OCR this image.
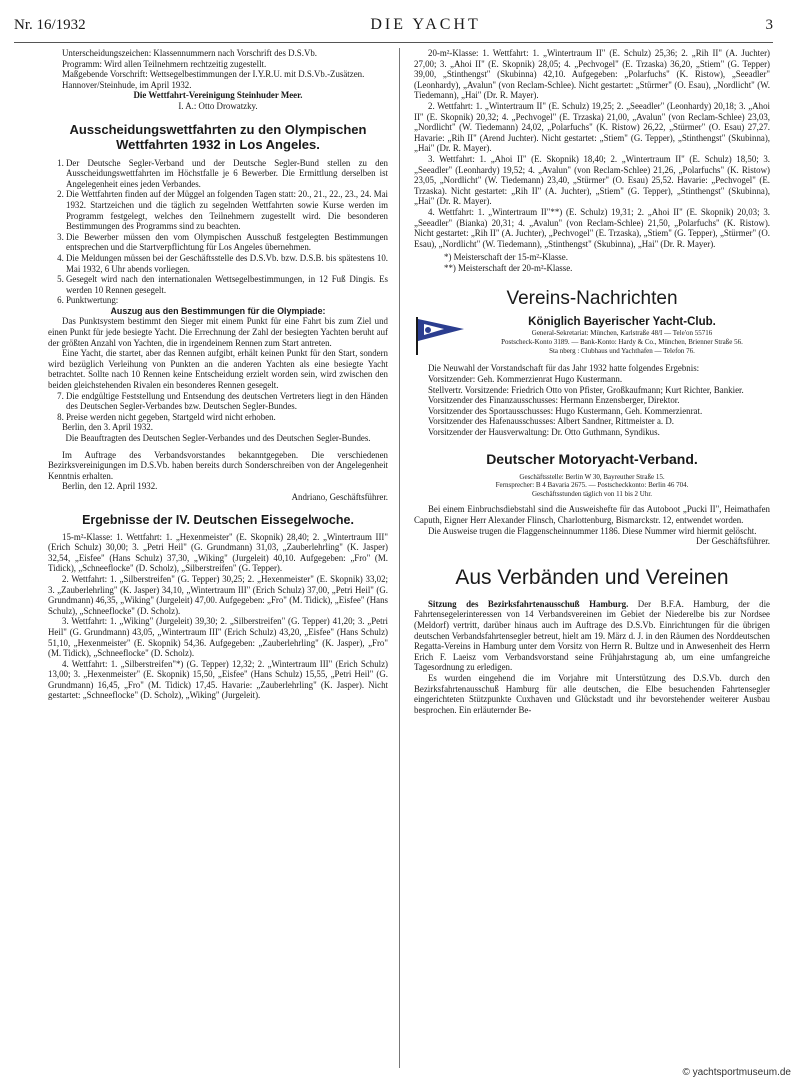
Nr. 16/1932	DIE YACHT	3

Unterscheidungszeichen: Klassennummern nach Vorschrift des D.S.Vb.

Programm: Wird allen Teilnehmern rechtzeitig zugestellt.

Maßgebende Vorschrift: Wettsegelbestimmungen der I.Y.R.U. mit D.S.Vb.-Zusätzen.

Hannover/Steinhude, im April 1932.

Die Wettfahrt-Vereinigung Steinhuder Meer.

I. A.: Otto Drowatzky.

Ausscheidungswettfahrten zu den Olympischen Wettfahrten 1932 in Los Angeles.
1. Der Deutsche Segler-Verband und der Deutsche Segler-Bund stellen zu den Ausscheidungswettfahrten im Höchstfalle je 6 Bewerber. Die Ermittlung derselben ist Angelegenheit eines jeden Verbandes.
2. Die Wettfahrten finden auf der Müggel an folgenden Tagen statt: 20., 21., 22., 23., 24. Mai 1932. Startzeichen und die täglich zu segelnden Wettfahrten sowie Kurse werden im Programm festgelegt, welches den Teilnehmern zugestellt wird. Die besonderen Bestimmungen des Programms sind zu beachten.
3. Die Bewerber müssen den vom Olympischen Ausschuß festgelegten Bestimmungen entsprechen und die Startverpflichtung für Los Angeles übernehmen.
4. Die Meldungen müssen bei der Geschäftsstelle des D.S.Vb. bzw. D.S.B. bis spätestens 10. Mai 1932, 6 Uhr abends vorliegen.
5. Gesegelt wird nach den internationalen Wettsegelbestimmungen, in 12 Fuß Dingis. Es werden 10 Rennen gesegelt.
6. Punktwertung:

Auszug aus den Bestimmungen für die Olympiade:

Das Punktsystem bestimmt den Sieger mit einem Punkt für eine Fahrt bis zum Ziel und einen Punkt für jede besiegte Yacht. Die Errechnung der Zahl der besiegten Yachten beruht auf der größten Anzahl von Yachten, die in irgendeinem Rennen zum Start antreten.

Eine Yacht, die startet, aber das Rennen aufgibt, erhält keinen Punkt für den Start, sondern wird bezüglich Verleihung von Punkten an die anderen Yachten als eine besiegte Yacht betrachtet. Sollte nach 10 Rennen keine Entscheidung erzielt worden sein, wird zwischen den beiden gleichstehenden Rivalen ein besonderes Rennen gesegelt.

7. Die endgültige Feststellung und Entsendung des deutschen Vertreters liegt in den Händen des Deutschen Segler-Verbandes bzw. Deutschen Segler-Bundes.
8. Preise werden nicht gegeben, Startgeld wird nicht erhoben.

Berlin, den 3. April 1932.

Die Beauftragten des Deutschen Segler-Verbandes und des Deutschen Segler-Bundes.

Im Auftrage des Verbandsvorstandes bekanntgegeben. Die verschiedenen Bezirksvereinigungen im D.S.Vb. haben bereits durch Sonderschreiben von der Angelegenheit Kenntnis erhalten.

Berlin, den 12. April 1932.

Andriano, Geschäftsführer.

Ergebnisse der IV. Deutschen Eissegelwoche.

15-m²-Klasse: 1. Wettfahrt: 1. „Hexenmeister" (E. Skopnik) 28,40; 2. „Wintertraum III" (Erich Schulz) 30,00; 3. „Petri Heil" (G. Grundmann) 31,03, „Zauberlehrling" (K. Jasper) 32,54, „Eisfee" (Hans Schulz) 37,30, „Wiking" (Jurgeleit) 40,10. Aufgegeben: „Fro" (M. Tidick), „Schneeflocke" (D. Scholz), „Silberstreifen" (G. Tepper).

2. Wettfahrt: 1. „Silberstreifen" (G. Tepper) 30,25; 2. „Hexenmeister" (E. Skopnik) 33,02; 3. „Zauberlehrling" (K. Jasper) 34,10, „Wintertraum III" (Erich Schulz) 37,00, „Petri Heil" (G. Grundmann) 46,35, „Wiking" (Jurgeleit) 47,00. Aufgegeben: „Fro" (M. Tidick), „Eisfee" (Hans Schulz), „Schneeflocke" (D. Scholz).

3. Wettfahrt: 1. „Wiking" (Jurgeleit) 39,30; 2. „Silberstreifen" (G. Tepper) 41,20; 3. „Petri Heil" (G. Grundmann) 43,05, „Wintertraum III" (Erich Schulz) 43,20, „Eisfee" (Hans Schulz) 51,10, „Hexenmeister" (E. Skopnik) 54,36. Aufgegeben: „Zauberlehrling" (K. Jasper), „Fro" (M. Tidick), „Schneeflocke" (D. Scholz).

4. Wettfahrt: 1. „Silberstreifen"*) (G. Tepper) 12,32; 2. „Wintertraum III" (Erich Schulz) 13,00; 3. „Hexenmeister" (E. Skopnik) 15,50, „Eisfee" (Hans Schulz) 15,55, „Petri Heil" (G. Grundmann) 16,45, „Fro" (M. Tidick) 17,45. Havarie: „Zauberlehrling" (K. Jasper). Nicht gestartet: „Schneeflocke" (D. Scholz), „Wiking" (Jurgeleit).

20-m²-Klasse: 1. Wettfahrt: 1. „Wintertraum II" (E. Schulz) 25,36; 2. „Rih II" (A. Juchter) 27,00; 3. „Ahoi II" (E. Skopnik) 28,05; 4. „Pechvogel" (E. Trzaska) 36,20, „Stiem" (G. Tepper) 39,00, „Stinthengst" (Skubinna) 42,10. Aufgegeben: „Polarfuchs" (K. Ristow), „Seeadler" (Leonhardy), „Avalun" (von Reclam-Schlee). Nicht gestartet: „Stürmer" (O. Esau), „Nordlicht" (W. Tiedemann), „Hai" (Dr. R. Mayer).

2. Wettfahrt: 1. „Wintertraum II" (E. Schulz) 19,25; 2. „Seeadler" (Leonhardy) 20,18; 3. „Ahoi II" (E. Skopnik) 20,32; 4. „Pechvogel" (E. Trzaska) 21,00, „Avalun" (von Reclam-Schlee) 23,03, „Nordlicht" (W. Tiedemann) 24,02, „Polarfuchs" (K. Ristow) 26,22, „Stürmer" (O. Esau) 27,27. Havarie: „Rih II" (Arend Juchter). Nicht gestartet: „Stiem" (G. Tepper), „Stinthengst" (Skubinna), „Hai" (Dr. R. Mayer).

3. Wettfahrt: 1. „Ahoi II" (E. Skopnik) 18,40; 2. „Wintertraum II" (E. Schulz) 18,50; 3. „Seeadler" (Leonhardy) 19,52; 4. „Avalun" (von Reclam-Schlee) 21,26, „Polarfuchs" (K. Ristow) 23,05, „Nordlicht" (W. Tiedemann) 23,40, „Stürmer" (O. Esau) 25,52. Havarie: „Pechvogel" (E. Trzaska). Nicht gestartet: „Rih II" (A. Juchter), „Stiem" (G. Tepper), „Stinthengst" (Skubinna), „Hai" (Dr. R. Mayer).

4. Wettfahrt: 1. „Wintertraum II"**) (E. Schulz) 19,31; 2. „Ahoi II" (E. Skopnik) 20,03; 3. „Seeadler" (Bianka) 20,31; 4. „Avalun" (von Reclam-Schlee) 21,50, „Polarfuchs" (K. Ristow). Nicht gestartet: „Rih II" (A. Juchter), „Pechvogel" (E. Trzaska), „Stiem" (G. Tepper), „Stürmer" (O. Esau), „Nordlicht" (W. Tiedemann), „Stinthengst" (Skubinna), „Hai" (Dr. R. Mayer).

*) Meisterschaft der 15-m²-Klasse.

**) Meisterschaft der 20-m²-Klasse.

Vereins-Nachrichten
Königlich Bayerischer Yacht-Club.
General-Sekretariat: München, Karlstraße 48/I — Tele'on 55716
Postscheck-Konto 3189. — Bank-Konto: Hardy & Co., München, Brienner Straße 56.
Sta nberg : Clubhaus und Yachthafen — Telefon 76.

Die Neuwahl der Vorstandschaft für das Jahr 1932 hatte folgendes Ergebnis:

Vorsitzender: Geh. Kommerzienrat Hugo Kustermann.

Stellvertr. Vorsitzende: Friedrich Otto von Pfister, Großkaufmann; Kurt Richter, Bankier.

Vorsitzender des Finanzausschusses: Hermann Enzensberger, Direktor.

Vorsitzender des Sportausschusses: Hugo Kustermann, Geh. Kommerzienrat.

Vorsitzender des Hafenausschusses: Albert Sandner, Rittmeister a. D.

Vorsitzender der Hausverwaltung: Dr. Otto Guthmann, Syndikus.

Deutscher Motoryacht-Verband.
Geschäftsstelle: Berlin W 30, Bayreuther Straße 15.
Fernsprecher: B 4 Bavaria 2675. — Postscheckkonto: Berlin 46 704.
Geschäftsstunden täglich von 11 bis 2 Uhr.

Bei einem Einbruchsdiebstahl sind die Ausweishefte für das Autoboot „Pucki II", Heimathafen Caputh, Eigner Herr Alexander Flinsch, Charlottenburg, Bismarckstr. 12, entwendet worden.

Die Ausweise trugen die Flaggenscheinnummer 1186. Diese Nummer wird hiermit gelöscht.

Der Geschäftsführer.

Aus Verbänden und Vereinen

Sitzung des Bezirksfahrtenausschuß Hamburg. Der B.F.A. Hamburg, der die Fahrtensegelerinteressen von 14 Verbandsvereinen im Gebiet der Niederelbe bis zur Nordsee (Meldorf) vertritt, darüber hinaus auch im Auftrage des D.S.Vb. Einrichtungen für die übrigen deutschen Verbandsfahrtensegler betreut, hielt am 19. März d. J. in den Räumen des Norddeutschen Regatta-Vereins in Hamburg unter dem Vorsitz von Herrn R. Bultze und in Anwesenheit des Herrn Erich F. Laeisz vom Verbandsvorstand seine Frühjahrstagung ab, um eine umfangreiche Tagesordnung zu erledigen.

Es wurden eingehend die im Vorjahre mit Unterstützung des D.S.Vb. durch den Bezirksfahrtenausschuß Hamburg für alle deutschen, die Elbe besuchenden Fahrtensegler eingerichteten Stützpunkte Cuxhaven und Glückstadt und ihr bevorstehender weiterer Ausbau besprochen. Ein erläuternder Be-

© yachtsportmuseum.de
